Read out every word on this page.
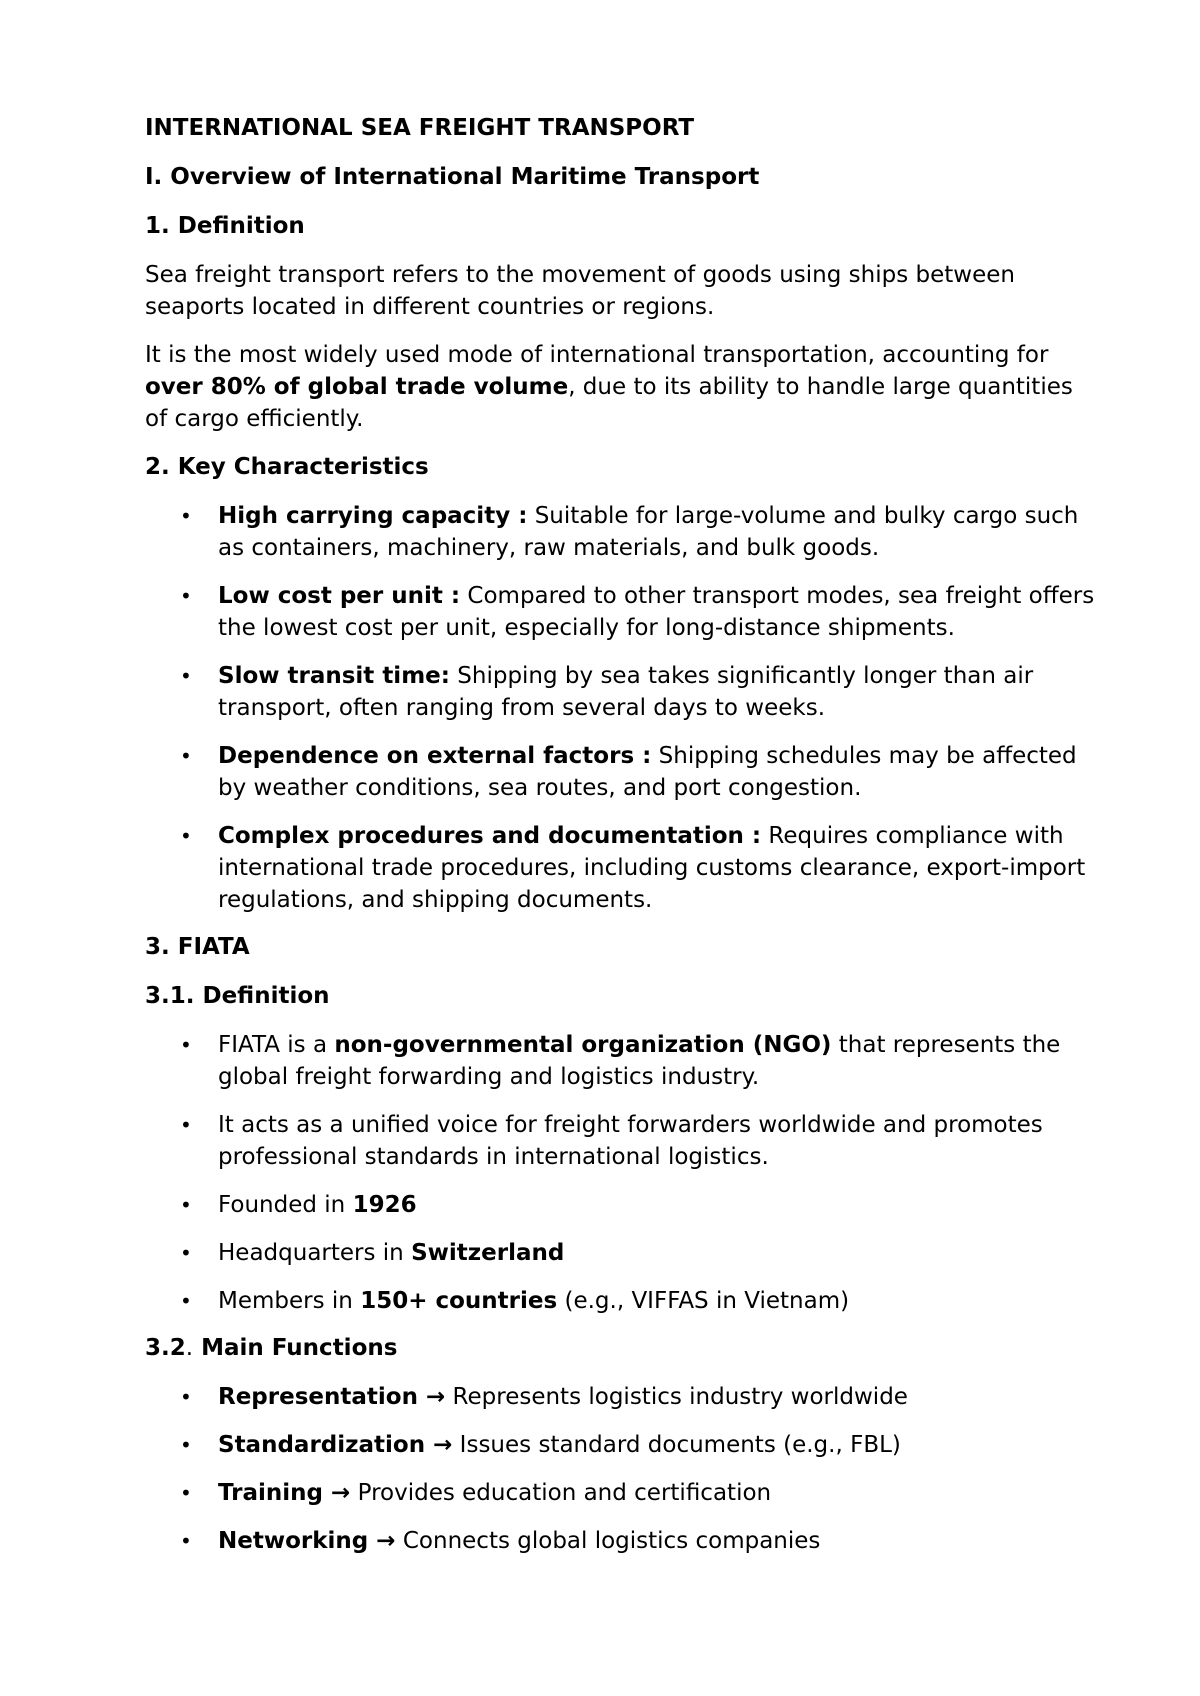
INTERNATIONAL SEA FREIGHT TRANSPORT

I. Overview of International Maritime Transport

1. Definition

Sea freight transport refers to the movement of goods using ships between seaports located in different countries or regions.

It is the most widely used mode of international transportation, accounting for over 80% of global trade volume, due to its ability to handle large quantities of cargo efficiently.

2. Key Characteristics

• High carrying capacity : Suitable for large-volume and bulky cargo such as containers, machinery, raw materials, and bulk goods.
• Low cost per unit : Compared to other transport modes, sea freight offers the lowest cost per unit, especially for long-distance shipments.
• Slow transit time: Shipping by sea takes significantly longer than air transport, often ranging from several days to weeks.
• Dependence on external factors : Shipping schedules may be affected by weather conditions, sea routes, and port congestion.
• Complex procedures and documentation : Requires compliance with international trade procedures, including customs clearance, export-import regulations, and shipping documents.

3. FIATA

3.1. Definition

• FIATA is a non-governmental organization (NGO) that represents the global freight forwarding and logistics industry.
• It acts as a unified voice for freight forwarders worldwide and promotes professional standards in international logistics.
• Founded in 1926
• Headquarters in Switzerland
• Members in 150+ countries (e.g., VIFFAS in Vietnam)

3.2. Main Functions

• Representation → Represents logistics industry worldwide
• Standardization → Issues standard documents (e.g., FBL)
• Training → Provides education and certification
• Networking → Connects global logistics companies
